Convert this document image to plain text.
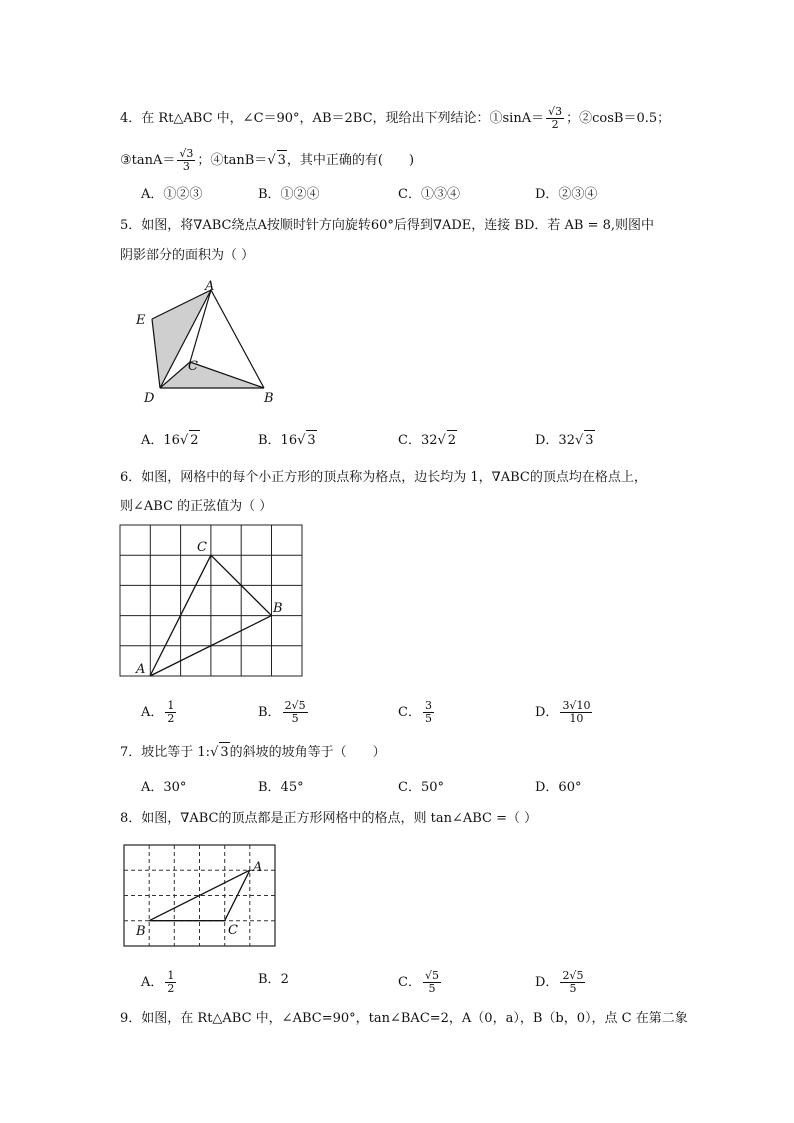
4．在 Rt△ABC 中，∠C＝90°，AB＝2BC，现给出下列结论：①sinA＝ $\frac{√3}{2}$ ；②cosB＝0.5；
③tanA＝ $\frac{√3}{3}$ ；④tanB＝√ 3，其中正确的有(　　)
A．①②③	B．①②④	C．①③④	D．②③④
5．如图，将∇ABC绕点A按顺时针方向旋转60°后得到∇ADE，连接 BD．若 AB = 8,则图中
阴影部分的面积为（ ）
A
E
C
D	B
A．16√ 2	B．16√ 3	C．32√ 2	D．32√ 3
6．如图，网格中的每个小正方形的顶点称为格点，边长均为 1，∇ABC的顶点均在格点上，
则∠ABC 的正弦值为（ ）
C
B
A
A． $\frac{1}{2}$	B． $\frac{2√5}{5}$	C． $\frac{3}{5}$	D． $\frac{3√10}{10}$
7．坡比等于 1:√ 3的斜坡的坡角等于（　　）
A．30°	B．45°	C．50°	D．60°
8．如图，∇ABC的顶点都是正方形网格中的格点，则 tan∠ABC =（ ）
A
B	C
A． $\frac{1}{2}$	B．2	C． $\frac{√5}{5}$	D． $\frac{2√5}{5}$
9．如图，在 Rt△ABC 中，∠ABC=90°，tan∠BAC=2，A（0，a），B（b，0），点 C 在第二象
